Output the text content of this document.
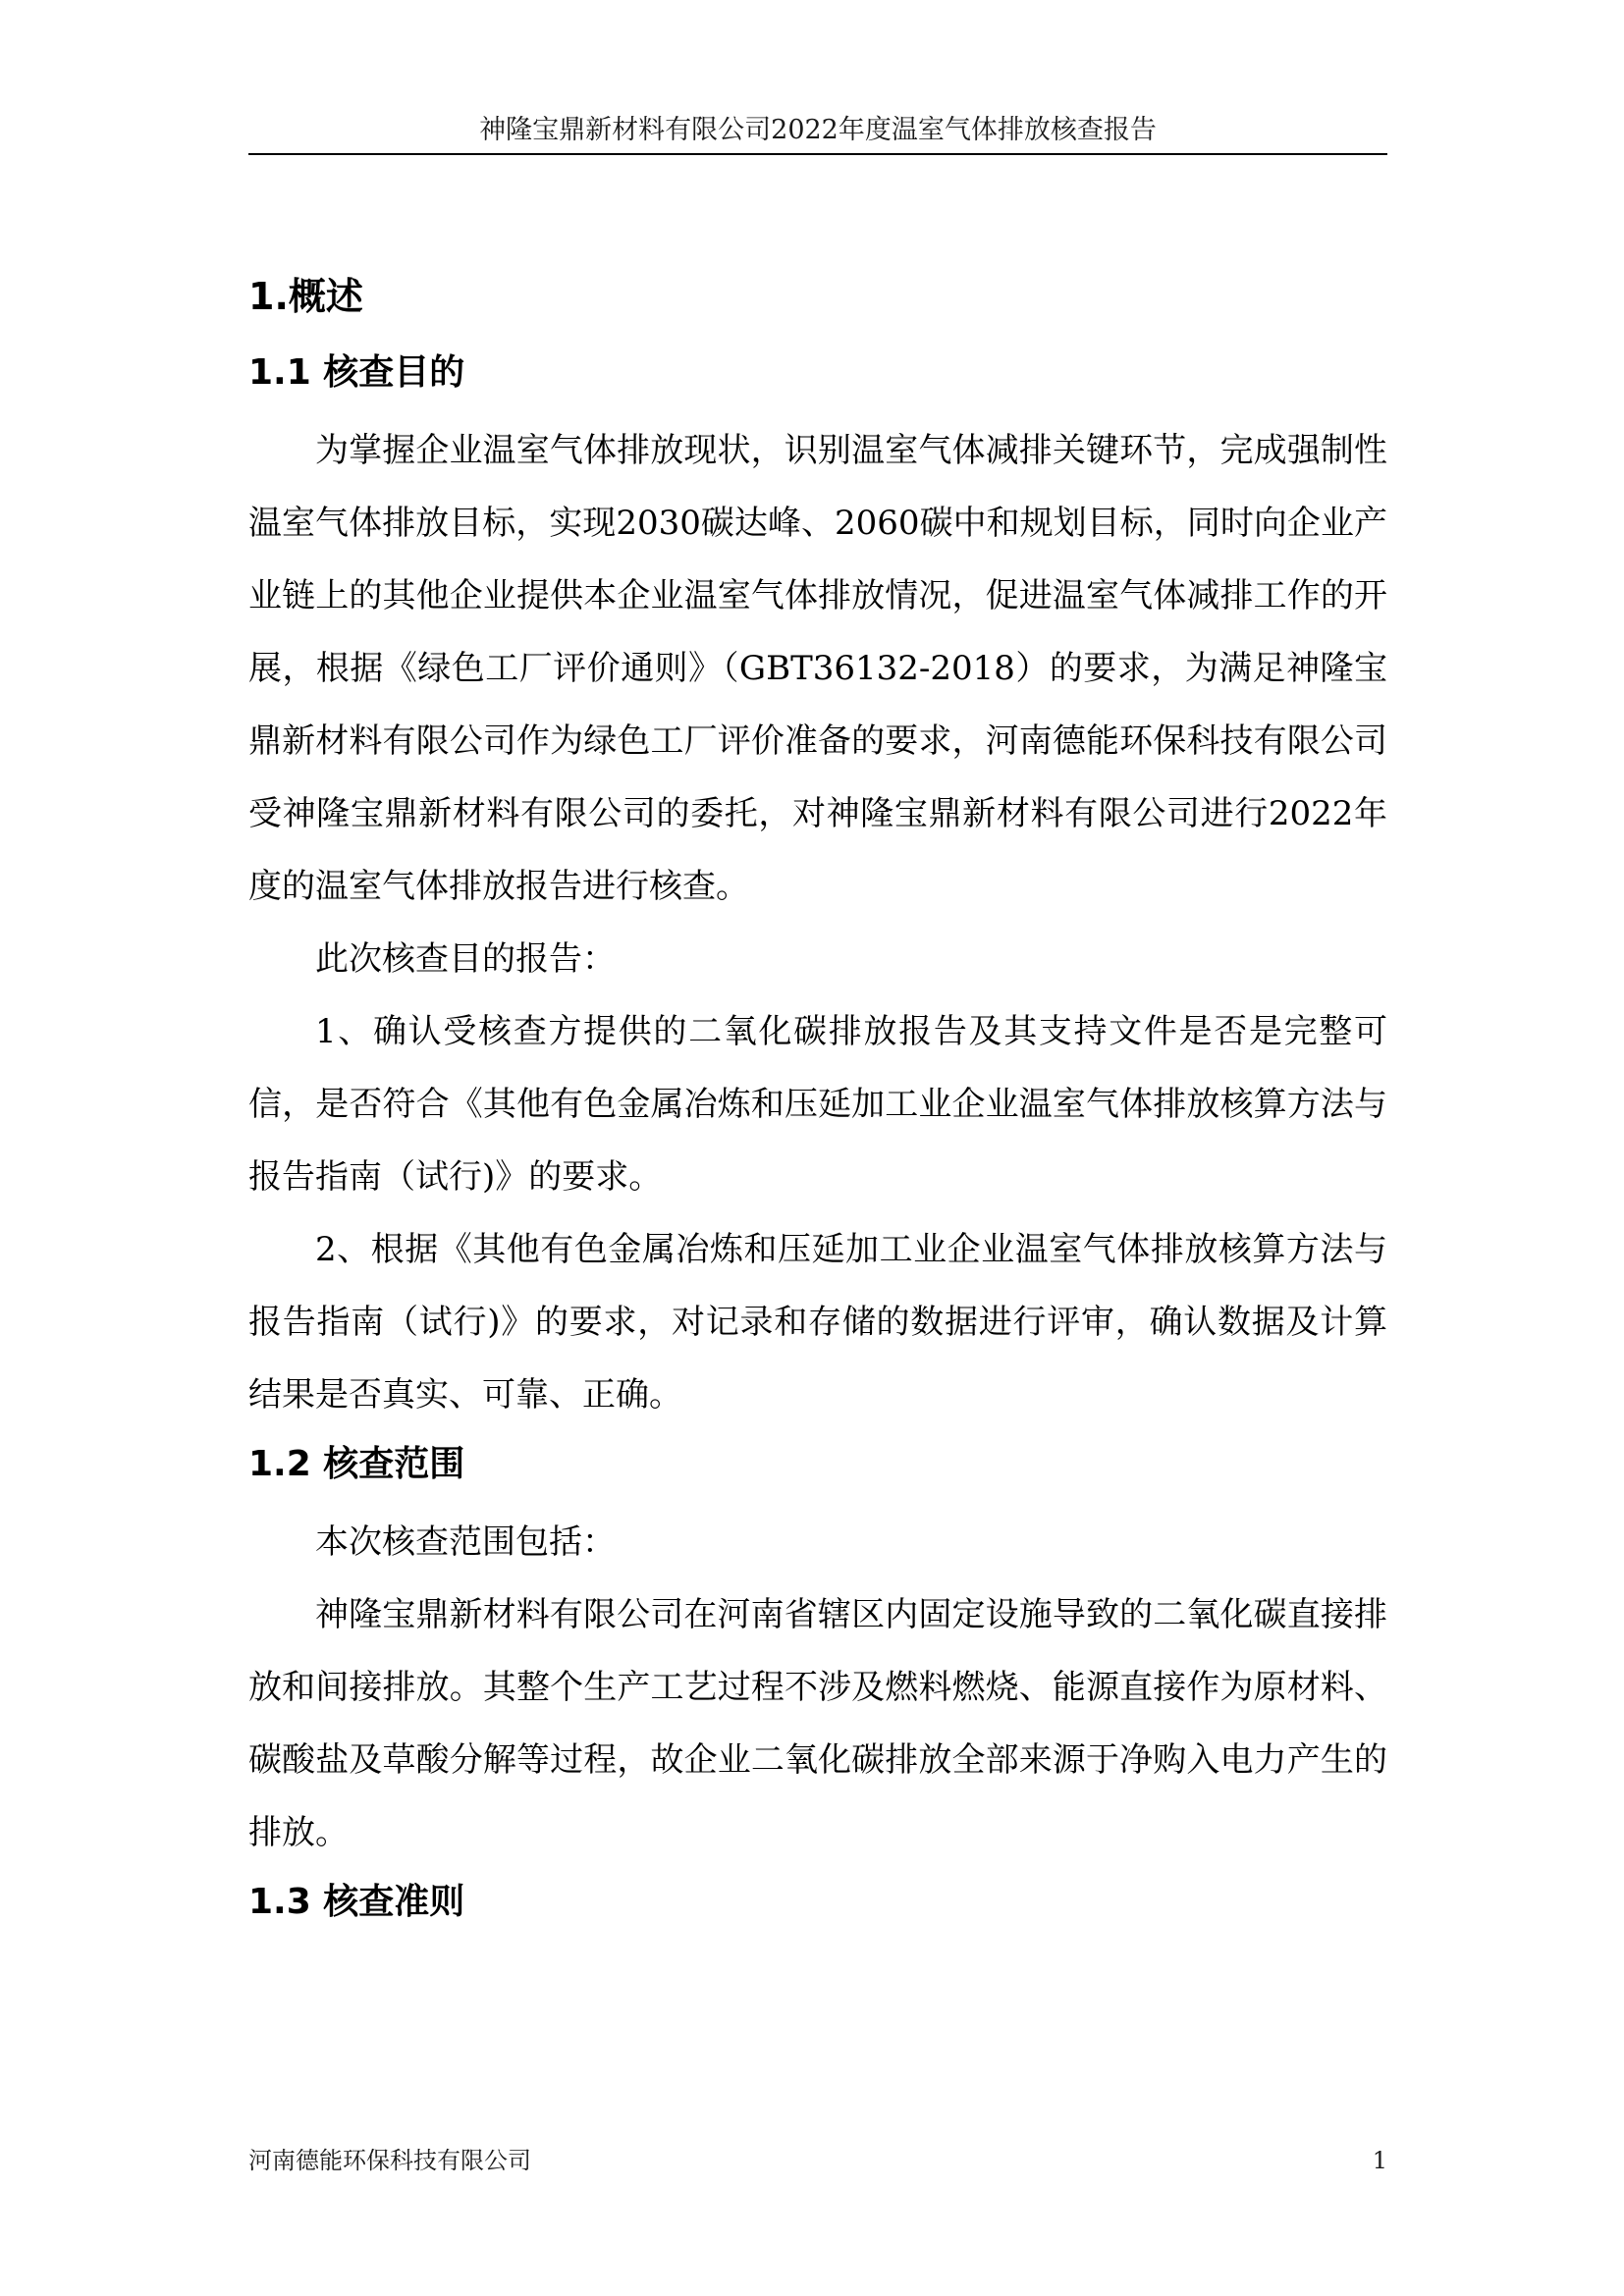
神隆宝鼎新材料有限公司2022年度温室气体排放核查报告
1.概述
1.1 核查目的

为掌握企业温室气体排放现状，识别温室气体减排关键环节，完成强制性温室气体排放目标，实现2030碳达峰、2060碳中和规划目标，同时向企业产业链上的其他企业提供本企业温室气体排放情况，促进温室气体减排工作的开展，根据《绿色工厂评价通则》（GBT36132-2018）的要求，为满足神隆宝鼎新材料有限公司作为绿色工厂评价准备的要求，河南德能环保科技有限公司受神隆宝鼎新材料有限公司的委托，对神隆宝鼎新材料有限公司进行2022年度的温室气体排放报告进行核查。

此次核查目的报告：

1、确认受核查方提供的二氧化碳排放报告及其支持文件是否是完整可信，是否符合《其他有色金属冶炼和压延加工业企业温室气体排放核算方法与报告指南（试行)》的要求。

2、根据《其他有色金属冶炼和压延加工业企业温室气体排放核算方法与报告指南（试行)》的要求，对记录和存储的数据进行评审，确认数据及计算结果是否真实、可靠、正确。

1.2 核查范围

本次核查范围包括：

神隆宝鼎新材料有限公司在河南省辖区内固定设施导致的二氧化碳直接排放和间接排放。其整个生产工艺过程不涉及燃料燃烧、能源直接作为原材料、碳酸盐及草酸分解等过程，故企业二氧化碳排放全部来源于净购入电力产生的排放。

1.3 核查准则
河南德能环保科技有限公司	1
